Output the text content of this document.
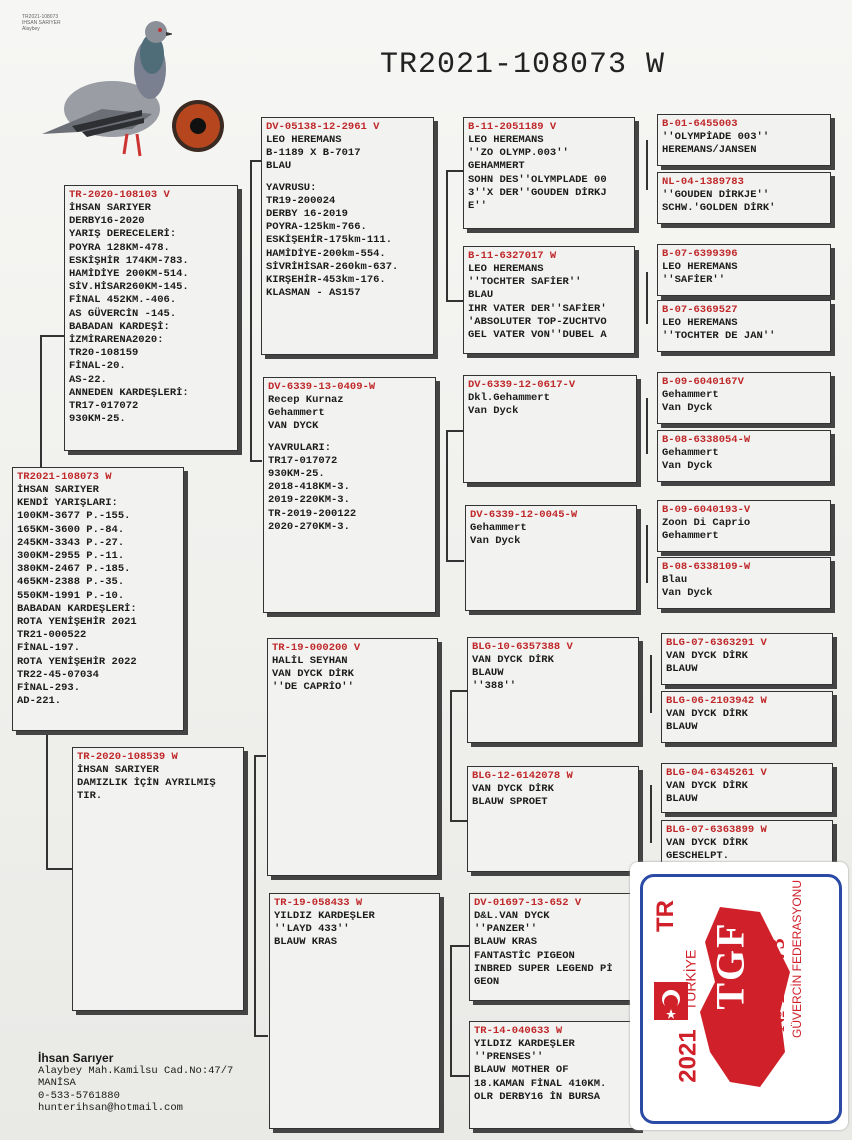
TR2021-108073
IHSAN SARIYER
Alaybey
TR2021-108073 W
TR2021-108073 W
İHSAN SARIYER
KENDİ YARIŞLARI:
100KM-3677 P.-155.
165KM-3600 P.-84.
245KM-3343 P.-27.
300KM-2955 P.-11.
380KM-2467 P.-185.
465KM-2388 P.-35.
550KM-1991 P.-10.
BABADAN KARDEŞLERİ:
ROTA YENİŞEHİR 2021
TR21-000522
FİNAL-197.
ROTA YENİŞEHİR 2022
TR22-45-07034
FİNAL-293.
AD-221.
TR-2020-108103 V
İHSAN SARIYER
DERBY16-2020
YARIŞ DERECELERİ:
POYRA 128KM-478.
ESKİŞHİR 174KM-783.
HAMİDİYE 200KM-514.
SİV.HİSAR260KM-145.
FİNAL 452KM.-406.
AS GÜVERCİN -145.
BABADAN KARDEŞİ:
İZMİRARENA2020:
TR20-108159
FİNAL-20.
AS-22.
ANNEDEN KARDEŞLERİ:
TR17-017072
930KM-25.
TR-2020-108539 W
İHSAN SARIYER
DAMIZLIK İÇİN AYRILMIŞ
TIR.
DV-05138-12-2961 V
LEO HEREMANS
B-1189 X B-7017
BLAU
YAVRUSU:
TR19-200024
DERBY 16-2019
POYRA-125km-766.
ESKİŞEHİR-175km-111.
HAMİDİYE-200km-554.
SİVRİHİSAR-260km-637.
KIRŞEHİR-453km-176.
KLASMAN - AS157
DV-6339-13-0409-W
Recep Kurnaz
Gehammert
VAN DYCK
YAVRULARI:
TR17-017072
930KM-25.
2018-418KM-3.
2019-220KM-3.
TR-2019-200122
2020-270KM-3.
TR-19-000200 V
HALİL SEYHAN
VAN DYCK DİRK
''DE CAPRİO''
TR-19-058433 W
YILDIZ KARDEŞLER
''LAYD 433''
BLAUW KRAS
B-11-2051189 V
LEO HEREMANS
''ZO OLYMP.003''
GEHAMMERT
SOHN DES''OLYMPLADE 00
3''X DER''GOUDEN DİRKJ
E''
B-11-6327017 W
LEO HEREMANS
''TOCHTER SAFİER''
BLAU
IHR VATER DER''SAFİER'
'ABSOLUTER TOP-ZUCHTVO
GEL VATER VON''DUBEL A
DV-6339-12-0617-V
Dkl.Gehammert
Van Dyck
DV-6339-12-0045-W
Gehammert
Van Dyck
BLG-10-6357388 V
VAN DYCK DİRK
BLAUW
''388''
BLG-12-6142078 W
VAN DYCK DİRK
BLAUW SPROET
DV-01697-13-652 V
D&L.VAN DYCK
''PANZER''
BLAUW KRAS
FANTASTİC PIGEON
INBRED SUPER LEGEND Pİ
GEON
TR-14-040633 W
YILDIZ KARDEŞLER
''PRENSES''
BLAUW MOTHER OF
18.KAMAN FİNAL 410KM.
OLR DERBY16 İN BURSA
B-01-6455003
''OLYMPİADE 003''
HEREMANS/JANSEN
NL-04-1389783
''GOUDEN DİRKJE''
SCHW.'GOLDEN DİRK'
B-07-6399396
LEO HEREMANS
''SAFİER''
B-07-6369527
LEO HEREMANS
''TOCHTER DE JAN''
B-09-6040167V
Gehammert
Van Dyck
B-08-6338054-W
Gehammert
Van Dyck
B-09-6040193-V
Zoon Di Caprio
Gehammert
B-08-6338109-W
Blau
Van Dyck
BLG-07-6363291 V
VAN DYCK DİRK
BLAUW
BLG-06-2103942 W
VAN DYCK DİRK
BLAUW
BLG-04-6345261 V
VAN DYCK DİRK
BLAUW
BLG-07-6363899 W
VAN DYCK DİRK
GESCHELPT.
İhsan Sarıyer
Alaybey Mah.Kamilsu Cad.No:47/7
MANİSA
0-533-5761880
hunterihsan@hotmail.com
TR
TÜRKİYE TGF
2021
GÜVERCİN FEDERASYONU
№ 108073
